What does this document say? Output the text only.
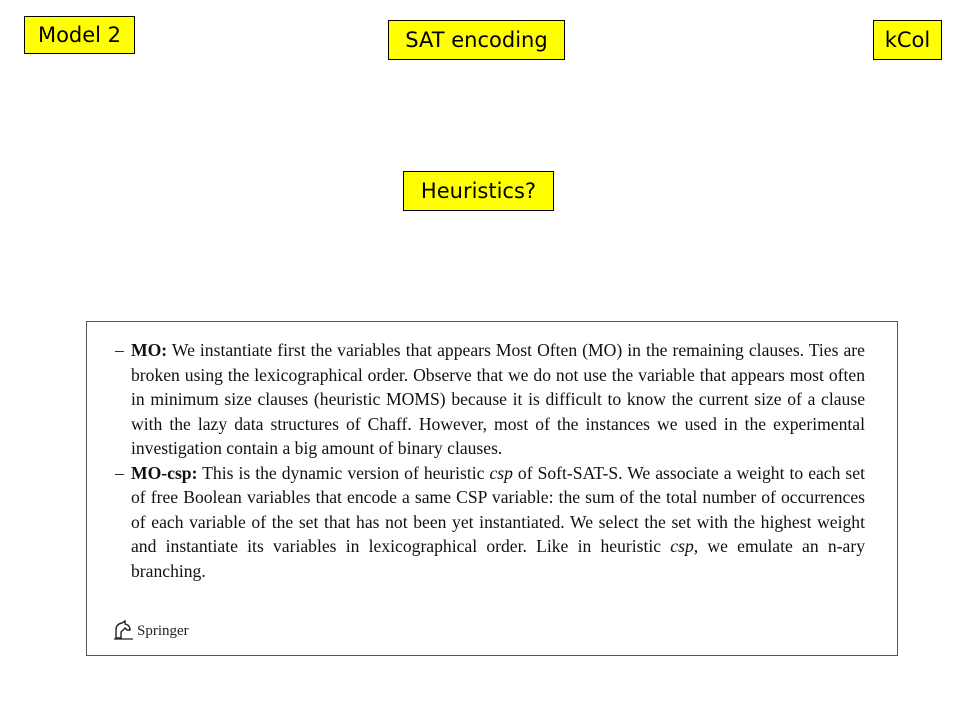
Model 2	SAT encoding	kCol
Heuristics?
– MO: We instantiate first the variables that appears Most Often (MO) in the remaining clauses. Ties are broken using the lexicographical order. Observe that we do not use the variable that appears most often in minimum size clauses (heuristic MOMS) because it is difficult to know the current size of a clause with the lazy data structures of Chaff. However, most of the instances we used in the experimental investigation contain a big amount of binary clauses.
– MO-csp: This is the dynamic version of heuristic csp of Soft-SAT-S. We associate a weight to each set of free Boolean variables that encode a same CSP variable: the sum of the total number of occurrences of each variable of the set that has not been yet instantiated. We select the set with the highest weight and instantiate its variables in lexicographical order. Like in heuristic csp, we emulate an n-ary branching.
Springer
